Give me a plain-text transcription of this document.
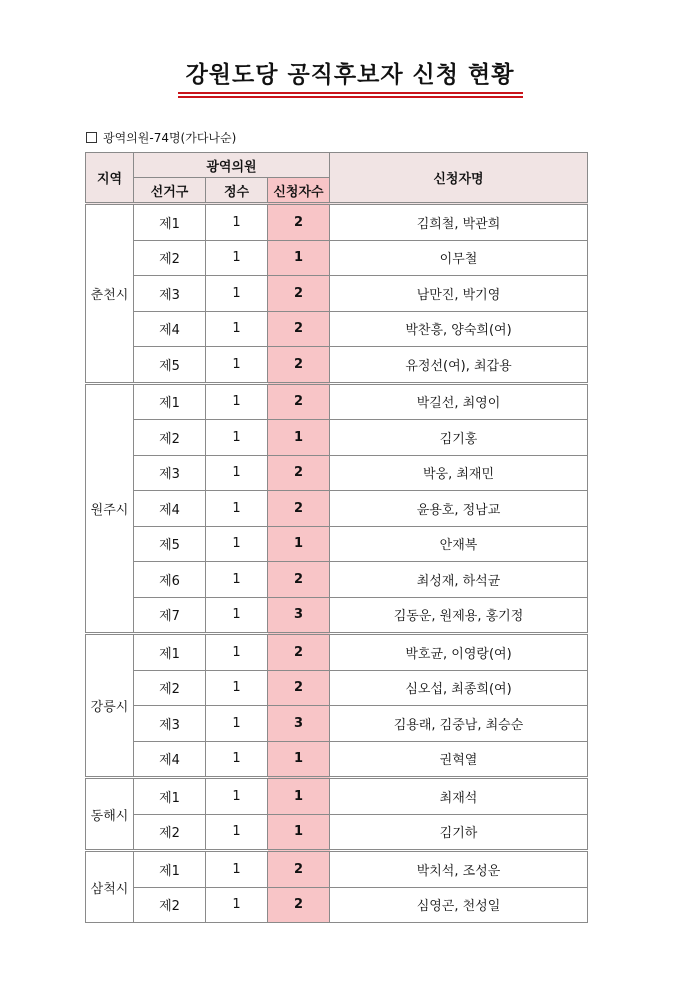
강원도당 공직후보자 신청 현황

광역의원-74명(가다나순)

지역	광역의원			신청자명
	선거구	정수	신청자수	
춘천시	제1	1	2	김희철, 박관희
	제2	1	1	이무철
	제3	1	2	남만진, 박기영
	제4	1	2	박찬흥, 양숙희(여)
	제5	1	2	유정선(여), 최갑용
원주시	제1	1	2	박길선, 최영이
	제2	1	1	김기홍
	제3	1	2	박웅, 최재민
	제4	1	2	윤용호, 정남교
	제5	1	1	안재복
	제6	1	2	최성재, 하석균
	제7	1	3	김동운, 원제용, 홍기정
강릉시	제1	1	2	박호균, 이영랑(여)
	제2	1	2	심오섭, 최종희(여)
	제3	1	3	김용래, 김중남, 최승순
	제4	1	1	권혁열
동해시	제1	1	1	최재석
	제2	1	1	김기하
삼척시	제1	1	2	박치석, 조성운
	제2	1	2	심영곤, 천성일
